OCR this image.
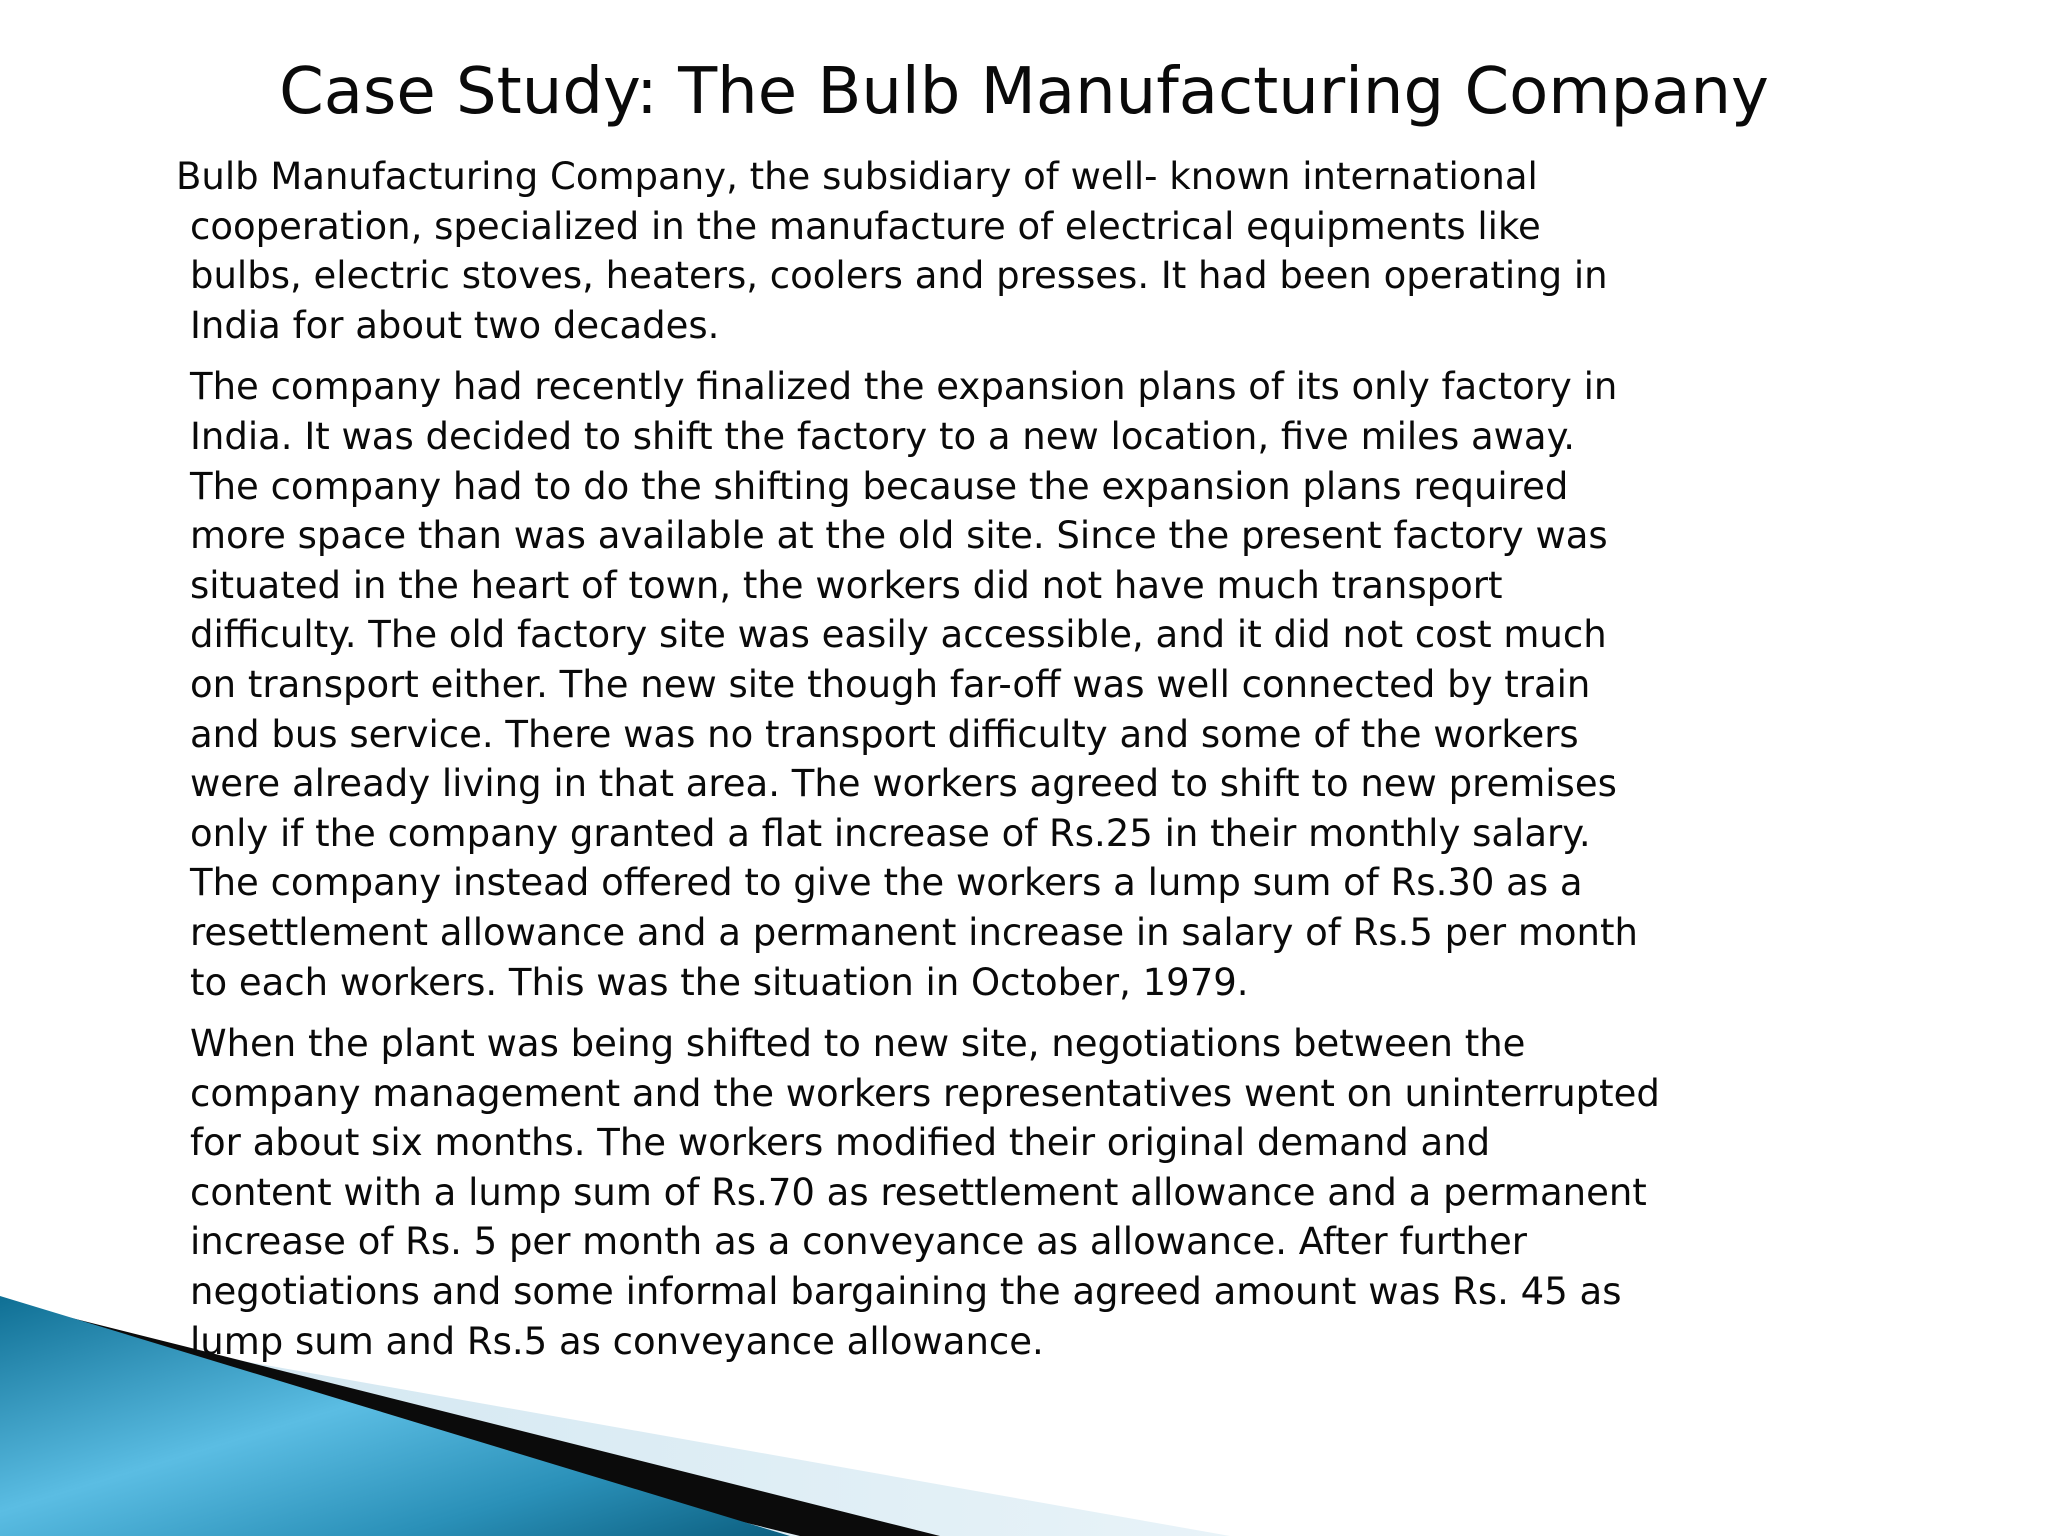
Case Study: The Bulb Manufacturing Company

Bulb Manufacturing Company, the subsidiary of well- known international
cooperation, specialized in the manufacture of electrical equipments like
bulbs, electric stoves, heaters, coolers and presses. It had been operating in
India for about two decades.

The company had recently finalized the expansion plans of its only factory in
India. It was decided to shift the factory to a new location, five miles away.
The company had to do the shifting because the expansion plans required
more space than was available at the old site. Since the present factory was
situated in the heart of town, the workers did not have much transport
difficulty. The old factory site was easily accessible, and it did not cost much
on transport either. The new site though far-off was well connected by train
and bus service. There was no transport difficulty and some of the workers
were already living in that area. The workers agreed to shift to new premises
only if the company granted a flat increase of Rs.25 in their monthly salary.
The company instead offered to give the workers a lump sum of Rs.30 as a
resettlement allowance and a permanent increase in salary of Rs.5 per month
to each workers. This was the situation in October, 1979.

When the plant was being shifted to new site, negotiations between the
company management and the workers representatives went on uninterrupted
for about six months. The workers modified their original demand and
content with a lump sum of Rs.70 as resettlement allowance and a permanent
increase of Rs. 5 per month as a conveyance as allowance. After further
negotiations and some informal bargaining the agreed amount was Rs. 45 as
lump sum and Rs.5 as conveyance allowance.
